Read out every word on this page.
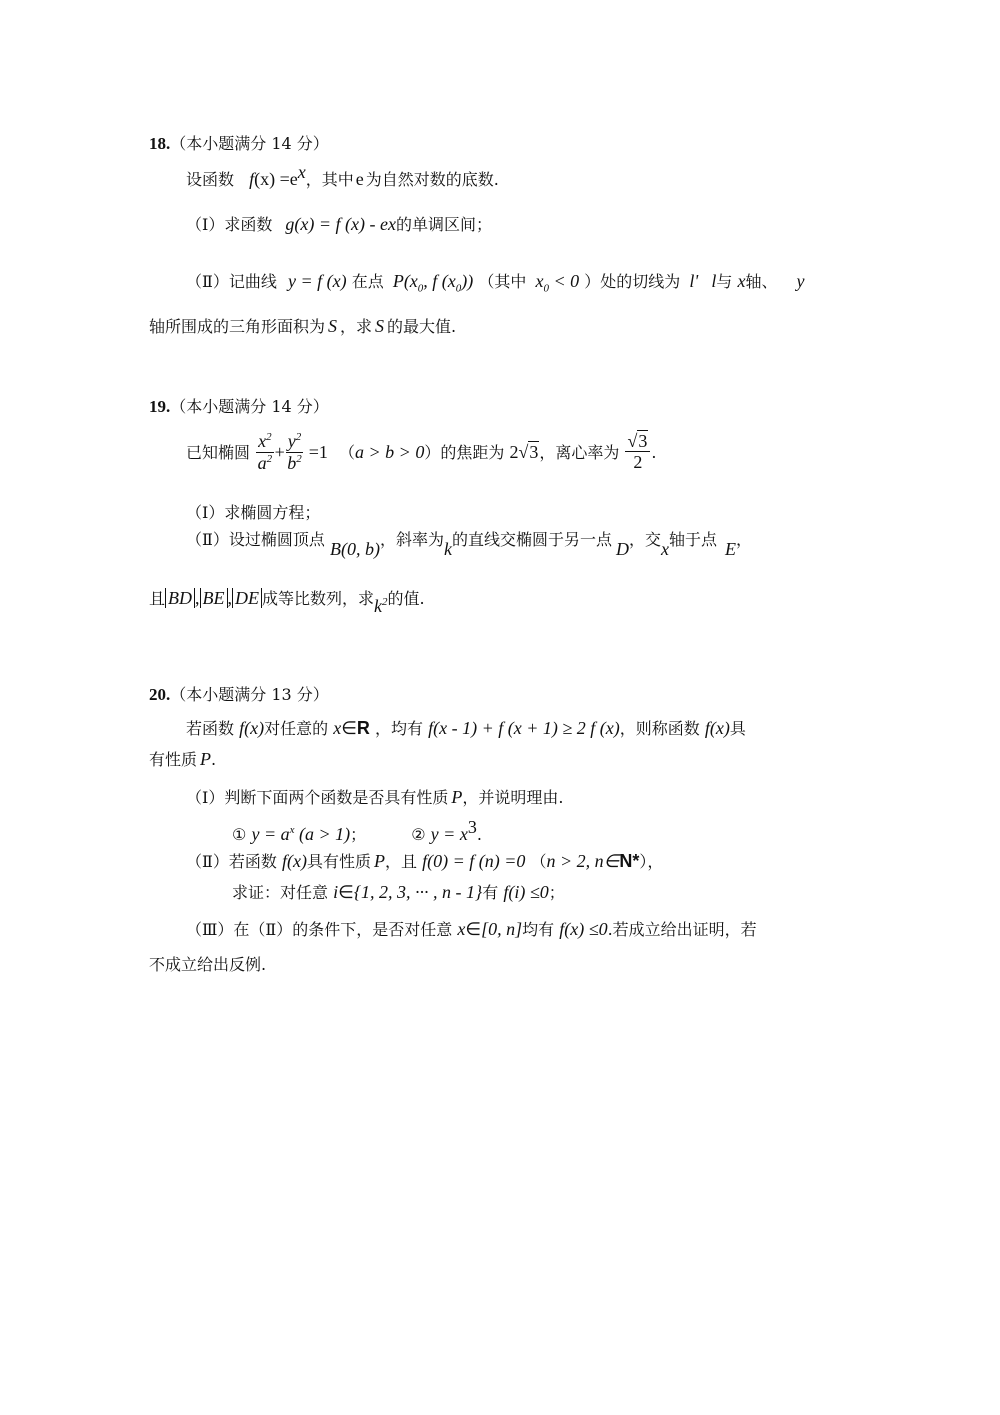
18.（本小题满分 14 分）
设函数 $f(x) =e^x$，其中 e 为自然对数的底数.
（Ⅰ）求函数 g(x) = f (x) - ex的单调区间；
（Ⅱ）记曲线 y = f (x) 在点 $P(x_0$, f $(x_0)$) （其中 $x_0 < 0$ ）处的切线为 l' l与 x轴、 y
轴所围成的三角形面积为 S ，求 S 的最大值.
19.（本小题满分 14 分）
已知椭圆 $\frac{x^2}{a^2} + \frac{y^2}{b^2} =1$ （a > b > 0）的焦距为 2√3，离心率为 $\frac{√3}{2}$ .
（Ⅰ）求椭圆方程；
（Ⅱ）设过椭圆顶点 B(0, b)，斜率为k的直线交椭圆于另一点 D，交x轴于点 E，
且 BD , BE , DE 成等比数列，求$k^2$的值.
20.（本小题满分 13 分）
若函数 f(x)对任意的 x∈R ，均有 f(x - 1) + f (x + 1) ≥ 2 f (x)，则称函数 f(x)具
有性质 P.
（Ⅰ）判断下面两个函数是否具有性质 P，并说明理由.
① $y = a^x$ (a > 1)；	② $y = x^3$.
（Ⅱ）若函数 f(x)具有性质 P，且 f(0) = f (n) =0 （n > 2, n∈N*），
求证：对任意 i∈{1, 2, 3, ··· , n - 1}有 f(i) ≤0；
（Ⅲ）在（Ⅱ）的条件下，是否对任意 x∈[0, n]均有 f(x) ≤0.若成立给出证明，若
不成立给出反例.
